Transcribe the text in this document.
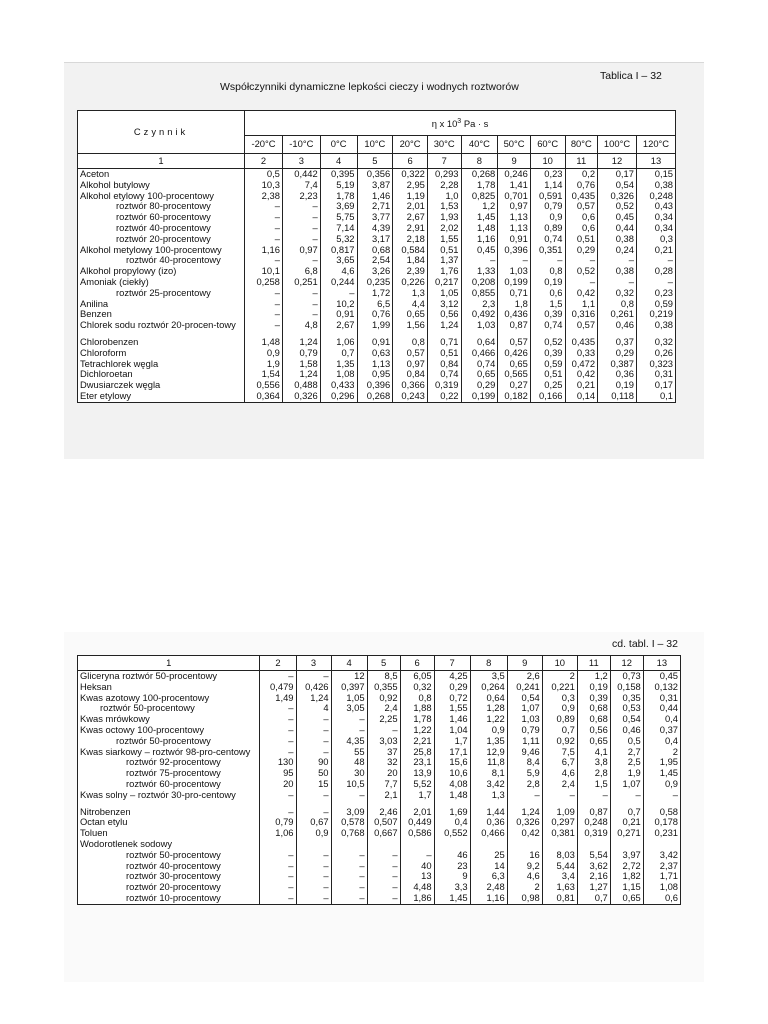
Tablica I – 32
Współczynniki dynamiczne lepkości cieczy i wodnych roztworów
Czynnik	η x $10^3$ Pa · s											
	-20°C	-10°C	0°C	10°C	20°C	30°C	40°C	50°C	60°C	80°C	100°C	120°C
1	2	3	4	5	6	7	8	9	10	11	12	13
Aceton	0,5	0,442	0,395	0,356	0,322	0,293	0,268	0,246	0,23	0,2	0,17	0,15
Alkohol butylowy	10,3	7,4	5,19	3,87	2,95	2,28	1,78	1,41	1,14	0,76	0,54	0,38
Alkohol etylowy 100-procentowy	2,38	2,23	1,78	1,46	1,19	1,0	0,825	0,701	0,591	0,435	0,326	0,248
roztwór 80-procentowy	–	–	3,69	2,71	2,01	1,53	1,2	0,97	0,79	0,57	0,52	0,43
roztwór 60-procentowy	–	–	5,75	3,77	2,67	1,93	1,45	1,13	0,9	0,6	0,45	0,34
roztwór 40-procentowy	–	–	7,14	4,39	2,91	2,02	1,48	1,13	0,89	0,6	0,44	0,34
roztwór 20-procentowy	–	–	5,32	3,17	2,18	1,55	1,16	0,91	0,74	0,51	0,38	0,3
Alkohol metylowy 100-procentowy	1,16	0,97	0,817	0,68	0,584	0,51	0,45	0,396	0,351	0,29	0,24	0,21
roztwór 40-procentowy	–	–	3,65	2,54	1,84	1,37	–	–	–	–	–	–
Alkohol propylowy (izo)	10,1	6,8	4,6	3,26	2,39	1,76	1,33	1,03	0,8	0,52	0,38	0,28
Amoniak (ciekły)	0,258	0,251	0,244	0,235	0,226	0,217	0,208	0,199	0,19	–	–	–
roztwór 25-procentowy	–	–	–	1,72	1,3	1,05	0,855	0,71	0,6	0,42	0,32	0,23
Anilina	–	–	10,2	6,5	4,4	3,12	2,3	1,8	1,5	1,1	0,8	0,59
Benzen	–	–	0,91	0,76	0,65	0,56	0,492	0,436	0,39	0,316	0,261	0,219
Chlorek sodu roztwór 20-procen-towy	–	4,8	2,67	1,99	1,56	1,24	1,03	0,87	0,74	0,57	0,46	0,38

Chlorobenzen	1,48	1,24	1,06	0,91	0,8	0,71	0,64	0,57	0,52	0,435	0,37	0,32
Chloroform	0,9	0,79	0,7	0,63	0,57	0,51	0,466	0,426	0,39	0,33	0,29	0,26
Tetrachlorek węgla	1,9	1,58	1,35	1,13	0,97	0,84	0,74	0,65	0,59	0,472	0,387	0,323
Dichloroetan	1,54	1,24	1,08	0,95	0,84	0,74	0,65	0,565	0,51	0,42	0,36	0,31
Dwusiarczek węgla	0,556	0,488	0,433	0,396	0,366	0,319	0,29	0,27	0,25	0,21	0,19	0,17
Eter etylowy	0,364	0,326	0,296	0,268	0,243	0,22	0,199	0,182	0,166	0,14	0,118	0,1
cd. tabl. I – 32
1	2	3	4	5	6	7	8	9	10	11	12	13
Gliceryna roztwór 50-procentowy	–	–	12	8,5	6,05	4,25	3,5	2,6	2	1,2	0,73	0,45
Heksan	0,479	0,426	0,397	0,355	0,32	0,29	0,264	0,241	0,221	0,19	0,158	0,132
Kwas azotowy 100-procentowy	1,49	1,24	1,05	0,92	0,8	0,72	0,64	0,54	0,3	0,39	0,35	0,31
roztwór 50-procentowy	–	4	3,05	2,4	1,88	1,55	1,28	1,07	0,9	0,68	0,53	0,44
Kwas mrówkowy	–	–	–	2,25	1,78	1,46	1,22	1,03	0,89	0,68	0,54	0,4
Kwas octowy 100-procentowy	–	–	–	–	1,22	1,04	0,9	0,79	0,7	0,56	0,46	0,37
roztwór 50-procentowy	–	–	4,35	3,03	2,21	1,7	1,35	1,11	0,92	0,65	0,5	0,4
Kwas siarkowy – roztwór 98-pro-centowy	–	–	55	37	25,8	17,1	12,9	9,46	7,5	4,1	2,7	2
roztwór 92-procentowy	130	90	48	32	23,1	15,6	11,8	8,4	6,7	3,8	2,5	1,95
roztwór 75-procentowy	95	50	30	20	13,9	10,6	8,1	5,9	4,6	2,8	1,9	1,45
roztwór 60-procentowy	20	15	10,5	7,7	5,52	4,08	3,42	2,8	2,4	1,5	1,07	0,9
Kwas solny – roztwór 30-pro-centowy	–	–	–	2,1	1,7	1,48	1,3	–	–	–	–	–

Nitrobenzen	–	–	3,09	2,46	2,01	1,69	1,44	1,24	1,09	0,87	0,7	0,58
Octan etylu	0,79	0,67	0,578	0,507	0,449	0,4	0,36	0,326	0,297	0,248	0,21	0,178
Toluen	1,06	0,9	0,768	0,667	0,586	0,552	0,466	0,42	0,381	0,319	0,271	0,231
Wodorotlenek sodowy												
roztwór 50-procentowy	–	–	–	–	–	46	25	16	8,03	5,54	3,97	3,42
roztwór 40-procentowy	–	–	–	–	40	23	14	9,2	5,44	3,62	2,72	2,37
roztwór 30-procentowy	–	–	–	–	13	9	6,3	4,6	3,4	2,16	1,82	1,71
roztwór 20-procentowy	–	–	–	–	4,48	3,3	2,48	2	1,63	1,27	1,15	1,08
roztwór 10-procentowy	–	–	–	–	1,86	1,45	1,16	0,98	0,81	0,7	0,65	0,6
